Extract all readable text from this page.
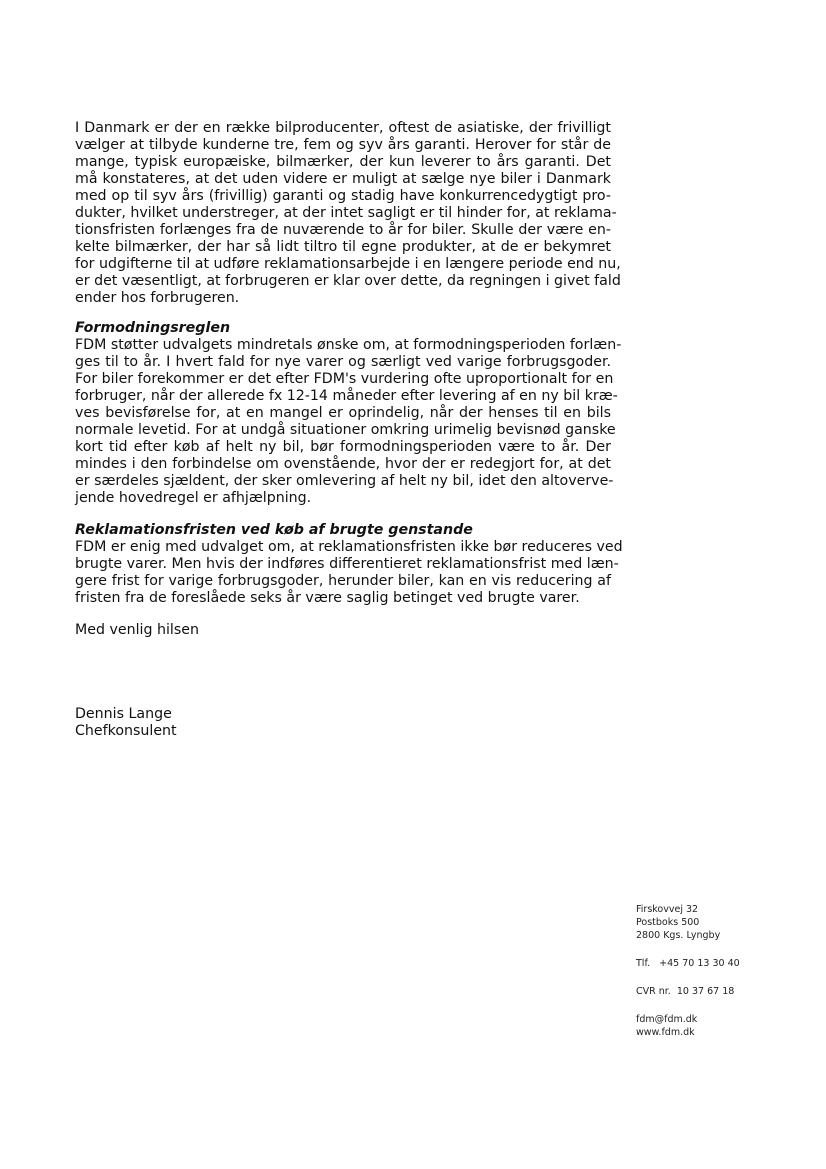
I Danmark er der en række bilproducenter, oftest de asiatiske, der frivilligt
vælger at tilbyde kunderne tre, fem og syv års garanti. Herover for står de
mange, typisk europæiske, bilmærker, der kun leverer to års garanti. Det
må konstateres, at det uden videre er muligt at sælge nye biler i Danmark
med op til syv års (frivillig) garanti og stadig have konkurrencedygtigt pro-
dukter, hvilket understreger, at der intet sagligt er til hinder for, at reklama-
tionsfristen forlænges fra de nuværende to år for biler. Skulle der være en-
kelte bilmærker, der har så lidt tiltro til egne produkter, at de er bekymret
for udgifterne til at udføre reklamationsarbejde i en længere periode end nu,
er det væsentligt, at forbrugeren er klar over dette, da regningen i givet fald
ender hos forbrugeren.
Formodningsreglen
FDM støtter udvalgets mindretals ønske om, at formodningsperioden forlæn-
ges til to år. I hvert fald for nye varer og særligt ved varige forbrugsgoder.
For biler forekommer er det efter FDM's vurdering ofte uproportionalt for en
forbruger, når der allerede fx 12-14 måneder efter levering af en ny bil kræ-
ves bevisførelse for, at en mangel er oprindelig, når der henses til en bils
normale levetid. For at undgå situationer omkring urimelig bevisnød ganske
kort tid efter køb af helt ny bil, bør formodningsperioden være to år. Der
mindes i den forbindelse om ovenstående, hvor der er redegjort for, at det
er særdeles sjældent, der sker omlevering af helt ny bil, idet den altoverve-
jende hovedregel er afhjælpning.
Reklamationsfristen ved køb af brugte genstande
FDM er enig med udvalget om, at reklamationsfristen ikke bør reduceres ved
brugte varer. Men hvis der indføres differentieret reklamationsfrist med læn-
gere frist for varige forbrugsgoder, herunder biler, kan en vis reducering af
fristen fra de foreslåede seks år være saglig betinget ved brugte varer.
Med venlig hilsen
Dennis Lange
Chefkonsulent
Firskovvej 32
Postboks 500
2800 Kgs. Lyngby
Tlf.   +45 70 13 30 40
CVR nr.  10 37 67 18
fdm@fdm.dk
www.fdm.dk
